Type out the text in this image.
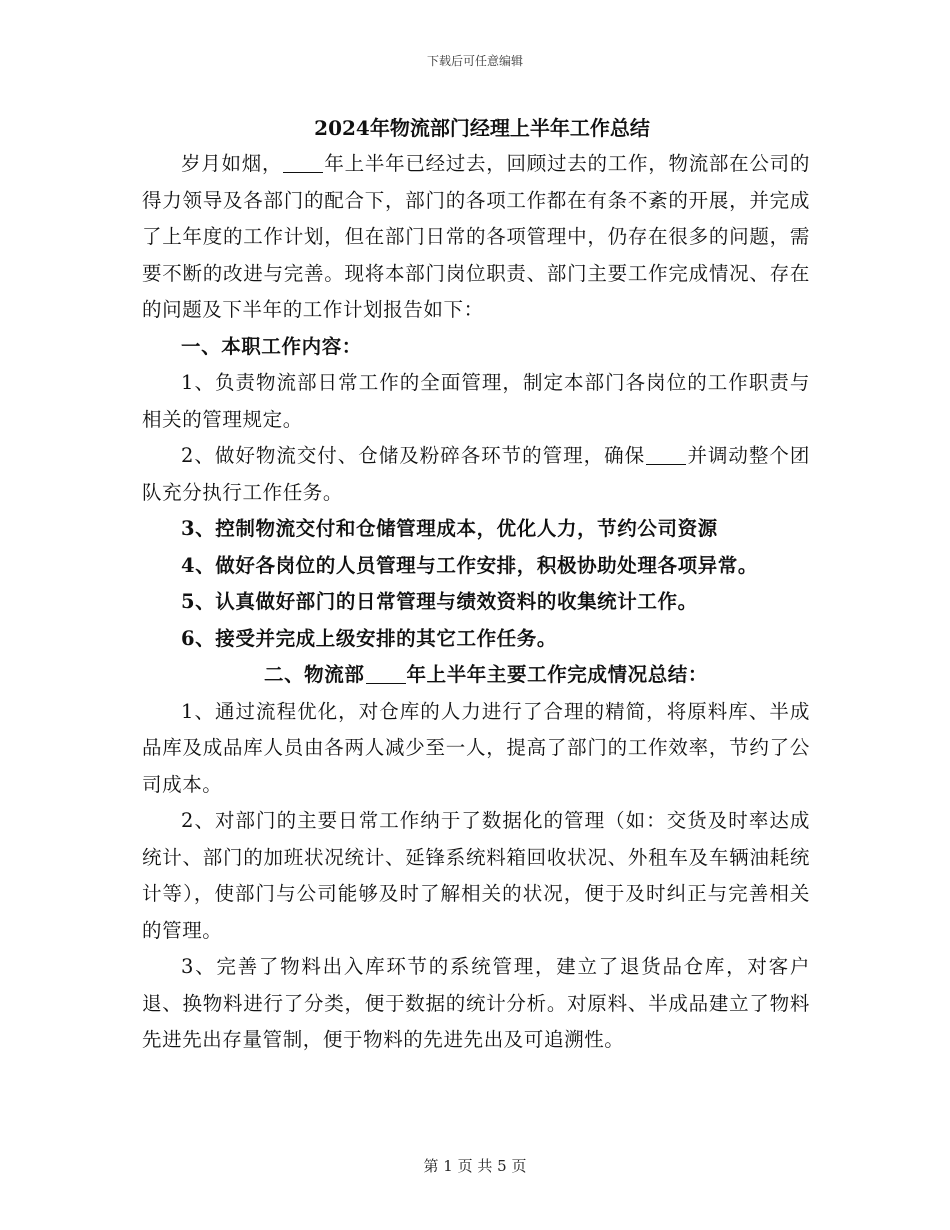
下载后可任意编辑
2024年物流部门经理上半年工作总结

岁月如烟， 年上半年已经过去，回顾过去的工作，物流部在公司的得力领导及各部门的配合下，部门的各项工作都在有条不紊的开展，并完成了上年度的工作计划，但在部门日常的各项管理中，仍存在很多的问题，需要不断的改进与完善。现将本部门岗位职责、部门主要工作完成情况、存在的问题及下半年的工作计划报告如下：

一、本职工作内容：

1、负责物流部日常工作的全面管理，制定本部门各岗位的工作职责与相关的管理规定。

2、做好物流交付、仓储及粉碎各环节的管理，确保 并调动整个团队充分执行工作任务。

3、控制物流交付和仓储管理成本，优化人力，节约公司资源

4、做好各岗位的人员管理与工作安排，积极协助处理各项异常。

5、认真做好部门的日常管理与绩效资料的收集统计工作。

6、接受并完成上级安排的其它工作任务。

二、物流部 年上半年主要工作完成情况总结：

1、通过流程优化，对仓库的人力进行了合理的精简，将原料库、半成品库及成品库人员由各两人减少至一人，提高了部门的工作效率，节约了公司成本。

2、对部门的主要日常工作纳于了数据化的管理（如：交货及时率达成统计、部门的加班状况统计、延锋系统料箱回收状况、外租车及车辆油耗统计等），使部门与公司能够及时了解相关的状况，便于及时纠正与完善相关的管理。

3、完善了物料出入库环节的系统管理，建立了退货品仓库，对客户退、换物料进行了分类，便于数据的统计分析。对原料、半成品建立了物料先进先出存量管制，便于物料的先进先出及可追溯性。

第 1 页 共 5 页
